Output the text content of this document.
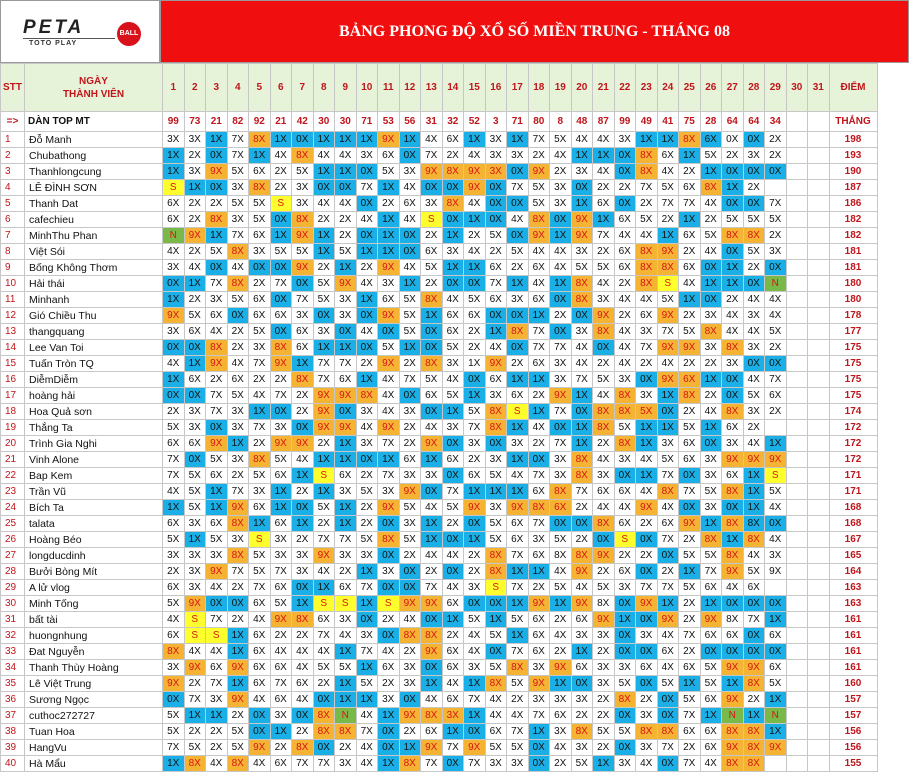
PETA
TOTO PLAY
BALL	BẢNG PHONG ĐỘ XỔ SỐ MIỀN TRUNG - THÁNG 08
STT	NGÀY
THÀNH VIÊN	1	2	3	4	5	6	7	8	9	10	11	12	13	14	15	16	17	18	19	20	21	22	23	24	25	26	27	28	29	30	31	ĐIỂM
=>	DÀN TOP MT	99	73	21	82	92	21	42	30	30	71	53	56	31	32	52	3	71	80	8	48	87	99	49	41	75	28	64	64	34			THẮNG
1	Đỗ Manh	3X	3X	1X	7X	8X	1X	0X	1X	1X	1X	9X	1X	4X	6X	1X	3X	1X	7X	5X	4X	4X	3X	1X	1X	8X	6X	0X	0X	2X			198
2	Chubathong	1X	2X	0X	7X	1X	4X	8X	4X	4X	3X	6X	0X	7X	2X	4X	3X	3X	2X	4X	1X	1X	0X	8X	6X	1X	5X	2X	3X	2X			193
3	Thanhlongcung	1X	3X	9X	5X	6X	2X	5X	1X	1X	0X	5X	3X	9X	8X	9X	3X	0X	9X	2X	3X	4X	0X	8X	4X	2X	1X	0X	0X	0X			190
4	LÊ ĐÌNH SƠN	S	1X	0X	3X	8X	2X	3X	0X	0X	7X	1X	4X	0X	0X	9X	0X	7X	5X	3X	0X	2X	2X	7X	5X	6X	8X	1X	2X				187
5	Thanh Dat	6X	2X	2X	5X	5X	S	3X	4X	4X	0X	2X	6X	3X	8X	4X	0X	0X	5X	3X	1X	6X	0X	2X	7X	7X	4X	0X	0X	7X			186
6	cafechieu	6X	2X	8X	3X	5X	0X	8X	2X	2X	4X	1X	4X	S	0X	1X	0X	4X	8X	0X	9X	1X	6X	5X	2X	1X	2X	5X	5X	5X			182
7	MinhThu Phan	N	9X	1X	7X	6X	1X	9X	1X	2X	0X	1X	0X	2X	1X	2X	5X	0X	9X	1X	9X	7X	4X	4X	1X	6X	5X	8X	8X	2X			182
8	Việt Sói	4X	2X	5X	8X	3X	5X	5X	1X	5X	1X	1X	0X	6X	3X	4X	2X	5X	4X	4X	3X	2X	6X	8X	9X	2X	4X	0X	5X	3X			181
9	Bống Không Thơm	3X	4X	0X	4X	0X	0X	9X	2X	1X	2X	9X	4X	5X	1X	1X	6X	2X	6X	4X	5X	5X	6X	8X	8X	6X	0X	1X	2X	0X			181
10	Hải thái	0X	1X	7X	8X	2X	7X	0X	5X	9X	4X	3X	1X	2X	0X	0X	7X	1X	4X	1X	8X	4X	2X	8X	S	4X	1X	1X	0X	N			180
11	Minhanh	1X	2X	3X	5X	6X	0X	7X	5X	3X	1X	6X	5X	8X	4X	5X	6X	3X	6X	0X	8X	3X	4X	4X	5X	1X	0X	2X	4X	4X			180
12	Gió Chiều Thu	9X	5X	6X	0X	6X	6X	3X	0X	3X	0X	9X	5X	1X	6X	6X	0X	0X	1X	2X	0X	9X	2X	6X	9X	2X	3X	4X	3X	4X			178
13	thangquang	3X	6X	4X	2X	5X	0X	6X	3X	0X	4X	0X	5X	0X	6X	2X	1X	8X	7X	0X	3X	8X	4X	3X	7X	5X	8X	4X	4X	5X			177
14	Lee Van Toi	0X	0X	8X	2X	3X	8X	6X	1X	1X	0X	5X	1X	0X	5X	2X	4X	0X	7X	7X	4X	0X	4X	7X	9X	9X	3X	8X	3X	2X			175
15	Tuấn Tròn TQ	4X	1X	9X	4X	7X	9X	1X	7X	7X	2X	9X	2X	8X	3X	1X	9X	2X	6X	3X	4X	2X	4X	2X	4X	2X	2X	3X	0X	0X			175
16	DiễmDiễm	1X	6X	2X	6X	2X	2X	8X	7X	6X	1X	4X	7X	5X	4X	0X	6X	1X	1X	3X	7X	5X	3X	0X	9X	6X	1X	0X	4X	7X			175
17	hoàng hải	0X	0X	7X	5X	4X	7X	2X	9X	9X	8X	4X	0X	6X	5X	1X	3X	6X	2X	9X	1X	4X	8X	3X	1X	8X	2X	0X	5X	6X			175
18	Hoa Quả sơn	2X	3X	7X	3X	1X	0X	2X	9X	0X	3X	4X	3X	0X	1X	5X	8X	S	1X	7X	0X	8X	8X	5X	0X	2X	4X	8X	3X	2X			174
19	Thắng Ta	5X	3X	0X	3X	7X	3X	0X	9X	9X	4X	9X	2X	4X	3X	7X	8X	1X	4X	0X	1X	8X	5X	1X	1X	5X	1X	6X	2X				172
20	Trình Gia Nghi	6X	6X	9X	1X	2X	9X	9X	2X	1X	3X	7X	2X	9X	0X	3X	0X	3X	2X	7X	1X	2X	8X	1X	3X	6X	0X	3X	4X	1X			172
21	Vinh Alone	7X	0X	5X	3X	8X	5X	4X	1X	1X	0X	1X	6X	1X	6X	2X	3X	1X	0X	3X	8X	4X	3X	4X	5X	6X	3X	9X	9X	9X			172
22	Bap Kem	7X	5X	6X	2X	5X	6X	1X	S	6X	2X	7X	3X	3X	0X	6X	5X	4X	7X	3X	8X	3X	0X	1X	7X	0X	3X	6X	1X	S			171
23	Trần Vũ	4X	5X	1X	7X	3X	1X	2X	1X	3X	5X	3X	9X	0X	7X	1X	1X	1X	6X	8X	7X	6X	6X	4X	8X	7X	5X	8X	1X	5X			171
24	Bích Ta	1X	5X	1X	9X	6X	1X	0X	5X	1X	2X	9X	5X	4X	5X	9X	3X	9X	8X	6X	2X	4X	4X	9X	4X	0X	3X	0X	1X	4X			168
25	talata	6X	3X	6X	8X	1X	6X	1X	2X	1X	2X	0X	3X	1X	2X	0X	5X	6X	7X	0X	0X	8X	6X	2X	6X	9X	1X	8X	8X	0X			168
26	Hoàng Béo	5X	1X	5X	3X	S	3X	2X	7X	7X	5X	8X	5X	1X	0X	1X	5X	6X	3X	5X	2X	0X	S	0X	7X	2X	8X	1X	8X	4X			167
27	longducdinh	3X	3X	3X	8X	5X	3X	3X	9X	3X	3X	0X	2X	4X	4X	2X	8X	7X	6X	8X	8X	9X	2X	2X	0X	5X	5X	8X	4X	3X			165
28	Bưởi Bòng Mít	2X	3X	9X	7X	5X	7X	3X	4X	2X	1X	3X	0X	2X	0X	2X	8X	1X	1X	4X	9X	2X	6X	0X	2X	1X	7X	9X	5X	9X			164
29	A lử vlog	6X	3X	4X	2X	7X	6X	0X	1X	6X	7X	0X	0X	7X	4X	3X	S	7X	2X	5X	4X	5X	3X	7X	7X	5X	6X	4X	6X				163
30	Minh Tống	5X	9X	0X	0X	6X	5X	1X	S	S	1X	S	9X	9X	6X	0X	0X	1X	9X	1X	9X	8X	0X	9X	1X	2X	1X	0X	0X	0X			163
31	bất tài	4X	S	7X	2X	4X	9X	8X	6X	3X	0X	2X	4X	0X	1X	5X	1X	5X	6X	2X	6X	9X	1X	0X	9X	2X	9X	8X	7X	1X			161
32	huongnhung	6X	S	S	1X	6X	2X	2X	7X	4X	3X	0X	8X	8X	2X	4X	5X	1X	6X	4X	3X	3X	0X	3X	4X	7X	6X	6X	0X	6X			161
33	Đat Nguyễn	8X	4X	4X	1X	6X	4X	4X	4X	1X	7X	4X	2X	9X	6X	4X	0X	7X	6X	2X	1X	2X	0X	0X	6X	2X	0X	0X	0X	0X			161
34	Thanh Thùy Hoàng	3X	9X	6X	9X	6X	6X	4X	5X	5X	1X	6X	3X	0X	6X	3X	5X	8X	3X	9X	6X	3X	3X	6X	4X	6X	5X	9X	9X	6X			161
35	Lê Việt Trung	9X	2X	7X	1X	6X	7X	6X	2X	1X	5X	2X	3X	1X	4X	1X	8X	5X	9X	1X	0X	3X	5X	0X	5X	1X	5X	1X	8X	5X			160
36	Sương Ngọc	0X	7X	3X	9X	4X	6X	4X	0X	1X	1X	3X	0X	4X	6X	7X	4X	2X	3X	3X	3X	2X	8X	2X	0X	5X	6X	9X	2X	1X			157
37	cuthoc272727	5X	1X	1X	2X	0X	3X	0X	8X	N	4X	1X	9X	8X	3X	1X	4X	4X	7X	6X	2X	2X	0X	3X	0X	7X	1X	N	1X	N			157
38	Tuan Hoa	5X	2X	2X	5X	0X	1X	2X	8X	8X	7X	0X	2X	6X	1X	0X	6X	7X	1X	3X	8X	5X	5X	8X	8X	6X	6X	8X	8X	1X			156
39	HangVu	7X	5X	2X	5X	9X	2X	8X	0X	2X	4X	0X	1X	9X	7X	9X	5X	5X	0X	4X	3X	2X	0X	3X	7X	2X	6X	9X	8X	9X			156
40	Hà Mẩu	1X	8X	4X	8X	4X	6X	7X	7X	3X	4X	1X	8X	7X	0X	7X	3X	3X	0X	2X	5X	1X	3X	4X	0X	7X	4X	8X	8X				155
